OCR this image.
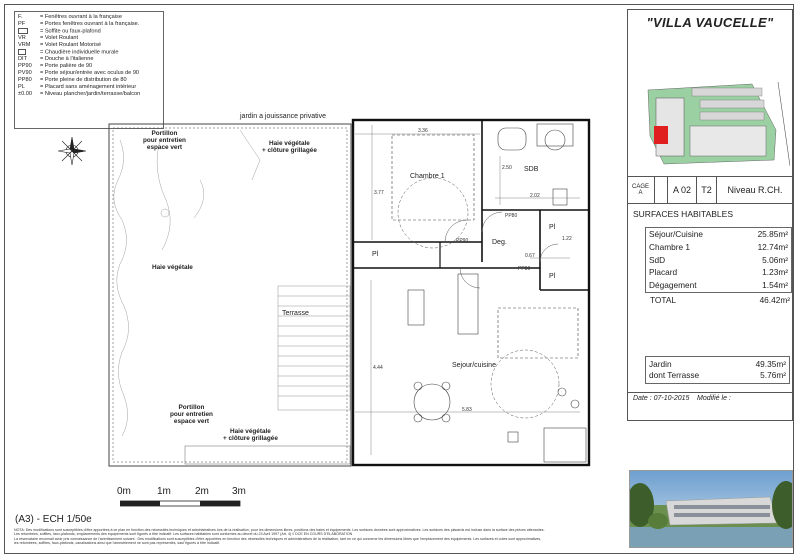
F.	= Fenêtres ouvrant à la française
PF	= Portes fenêtres ouvrant à la française.
= Soffite ou faux-plafond
VR	= Volet Roulant
VRM = Volet Roulant Motorisé
= Chaudière individuelle murale
DIT = Douche à l'italienne
PP90 = Porte palière de 90
PV90 = Porte séjour/entrée avec oculus de 90
PP80 = Porte pleine de distribution de 80
PL	= Placard sans aménagement intérieur
±0.00 = Niveau plancher/jardin/terrasse/balcon
jardin a jouissance privative
Portillon
pour entretien
espace vert
Haie végétale
+ clôture grillagée
Haie végétale
Terrasse
Portillon
pour entretien
espace vert
Haie végétale
+ clôture grillagée
Chambre 1
SDB
Deg.
Pl
Pl
Pl
Sejour/cuisine
PP80
PP80
PP90
3.36
3.77
2.50
2.02
1.22
0.67
4.44
5.83
"VILLA VAUCELLE"
CAGE
A	A 02	T2	Niveau R.CH.
SURFACES HABITABLES
Séjour/Cuisine	25.85m²
Chambre 1	12.74m²
SdD	5.06m²
Placard	1.23m²
Dégagement	1.54m²
TOTAL	46.42m²
Jardin	49.35m²
dont Terrasse	5.76m²
Date : 07-10-2015 Modifié le :
0m	1m 2m 3m
(A3) - ECH 1/50e
NOTA: Des modifications sont susceptibles d'être apportées à ce plan en fonction des nécessités techniques et administratives lors de la réalisation, pour les dimensions libres, positions des baies et équipements. Les surfaces données sont approximatives. Les surfaces des placards est incluse dans la surface des pièces attenantes.
Les retombées, soffites, faux-plafonds, emplacements des équipements sont figurés à titre indicatif. Les surfaces habitables sont conformes au décret du 23 Avril 1997 (Art. 4) // DCE EN COURS D'ELABORATION
La réservataire reconnait avoir pris connaissance de l'avertissement suivant : Des modifications sont susceptibles d'être apportées en fonction des nécessités techniques et administratives de la réalisation, tant en ce qui concerne les dimensions libres que l'emplacement des équipements. Les surfaces et cotes sont approximatives,
les retombées, soffites, faux-plafonds, canalisations ainsi que l'ameublement ne sont pas représentés, sauf figurés à titre indicatif.
